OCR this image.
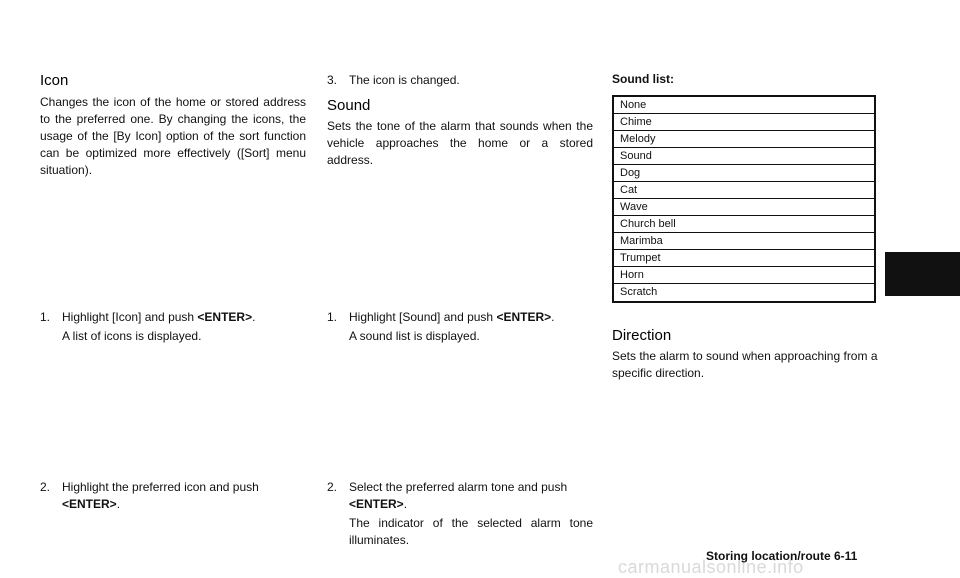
Icon

Changes the icon of the home or stored address to the preferred one. By changing the icons, the usage of the [By Icon] option of the sort function can be optimized more effectively ([Sort] menu situation).

1. Highlight [Icon] and push <ENTER>.
A list of icons is displayed.
2. Highlight the preferred icon and push
<ENTER>.
3. The icon is changed.
Sound

Sets the tone of the alarm that sounds when the vehicle approaches the home or a stored address.

1. Highlight [Sound] and push <ENTER>.
A sound list is displayed.
2. Select the preferred alarm tone and push
<ENTER>.
The indicator of the selected alarm tone illuminates.
Sound list:
None
Chime
Melody
Sound
Dog
Cat
Wave
Church bell
Marimba
Trumpet
Horn
Scratch
Direction

Sets the alarm to sound when approaching from a specific direction.

carmanualsonline.info
Storing location/route 6-11
